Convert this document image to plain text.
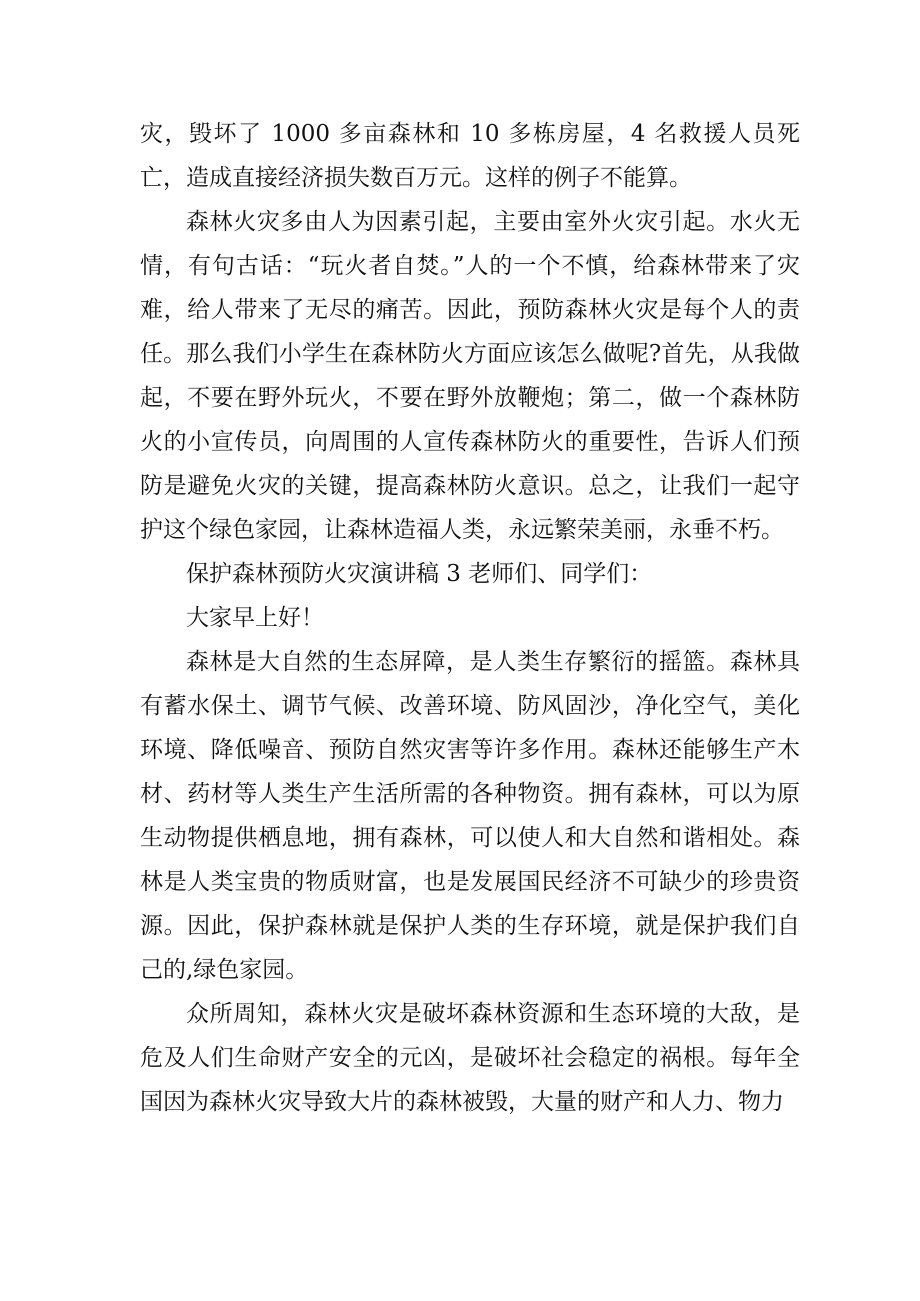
灾，毁坏了 1000 多亩森林和 10 多栋房屋，4 名救援人员死亡，造成直接经济损失数百万元。这样的例子不能算。

森林火灾多由人为因素引起，主要由室外火灾引起。水火无情，有句古话：“玩火者自焚。”人的一个不慎，给森林带来了灾难，给人带来了无尽的痛苦。因此，预防森林火灾是每个人的责任。那么我们小学生在森林防火方面应该怎么做呢?首先，从我做起，不要在野外玩火，不要在野外放鞭炮；第二，做一个森林防火的小宣传员，向周围的人宣传森林防火的重要性，告诉人们预防是避免火灾的关键，提高森林防火意识。总之，让我们一起守护这个绿色家园，让森林造福人类，永远繁荣美丽，永垂不朽。

保护森林预防火灾演讲稿 3 老师们、同学们：

大家早上好！

森林是大自然的生态屏障，是人类生存繁衍的摇篮。森林具有蓄水保土、调节气候、改善环境、防风固沙，净化空气，美化环境、降低噪音、预防自然灾害等许多作用。森林还能够生产木材、药材等人类生产生活所需的各种物资。拥有森林，可以为原生动物提供栖息地，拥有森林，可以使人和大自然和谐相处。森林是人类宝贵的物质财富，也是发展国民经济不可缺少的珍贵资源。因此，保护森林就是保护人类的生存环境，就是保护我们自己的,绿色家园。

众所周知，森林火灾是破坏森林资源和生态环境的大敌，是危及人们生命财产安全的元凶，是破坏社会稳定的祸根。每年全国因为森林火灾导致大片的森林被毁，大量的财产和人力、物力
